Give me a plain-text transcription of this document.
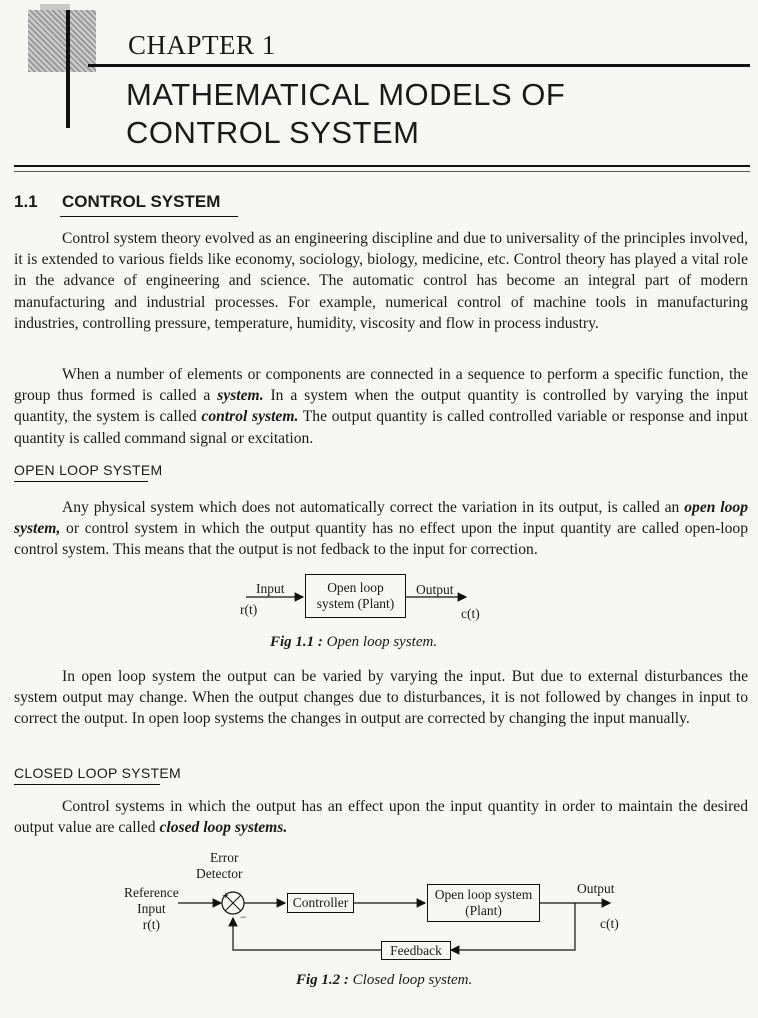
CHAPTER 1
MATHEMATICAL MODELS OF
CONTROL SYSTEM
1.1 CONTROL SYSTEM
Control system theory evolved as an engineering discipline and due to universality of the principles involved, it is extended to various fields like economy, sociology, biology, medicine, etc. Control theory has played a vital role in the advance of engineering and science. The automatic control has become an integral part of modern manufacturing and industrial processes. For example, numerical control of machine tools in manufacturing industries, controlling pressure, temperature, humidity, viscosity and flow in process industry.
When a number of elements or components are connected in a sequence to perform a specific function, the group thus formed is called a system. In a system when the output quantity is controlled by varying the input quantity, the system is called control system. The output quantity is called controlled variable or response and input quantity is called command signal or excitation.
OPEN LOOP SYSTEM
Any physical system which does not automatically correct the variation in its output, is called an open loop system, or control system in which the output quantity has no effect upon the input quantity are called open-loop control system. This means that the output is not fedback to the input for correction.
Input
r(t)
Open loop
system (Plant)
Output
c(t)
Fig 1.1 : Open loop system.
In open loop system the output can be varied by varying the input. But due to external disturbances the system output may change. When the output changes due to disturbances, it is not followed by changes in input to correct the output. In open loop systems the changes in output are corrected by changing the input manually.
CLOSED LOOP SYSTEM
Control systems in which the output has an effect upon the input quantity in order to maintain the desired output value are called closed loop systems.
Error
Detector
Reference
Input
r(t)
+
−
Controller
Open loop system
(Plant)
Output
c(t)
Feedback
Fig 1.2 : Closed loop system.
